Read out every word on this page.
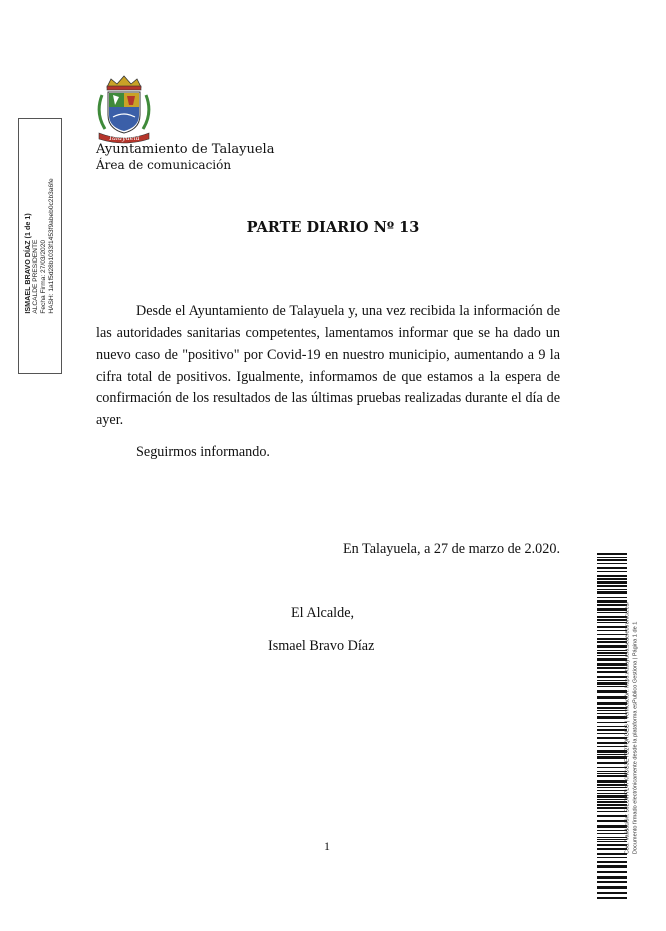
Talayuela
Ayuntamiento de Talayuela
Área de comunicación
ISMAEL BRAVO DÍAZ (1 de 1) ALCALDE PRESIDENTE Fecha Firma: 27/03/2020 HASH: 1a1f5d28b1033f1453f9abeb0c2b3a6fe	PARTE DIARIO Nº 13

Desde el Ayuntamiento de Talayuela y, una vez recibida la información de las autoridades sanitarias competentes, lamentamos informar que se ha dado un nuevo caso de "positivo" por Covid-19 en nuestro municipio, aumentando a 9 la cifra total de positivos. Igualmente, informamos de que estamos a la espera de confirmación de los resultados de las últimas pruebas realizadas durante el día de ayer.

Seguirmos informando.
En Talayuela, a 27 de marzo de 2.020.
El Alcalde,
Ismael Bravo Díaz
1	Cód. Validación: 5JLCW7L47KHCG3EYD27QKGEG | Verificación: https://talayuela.sedelectronica.es/ Documento firmado electrónicamente desde la plataforma esPublico Gestiona | Página 1 de 1
